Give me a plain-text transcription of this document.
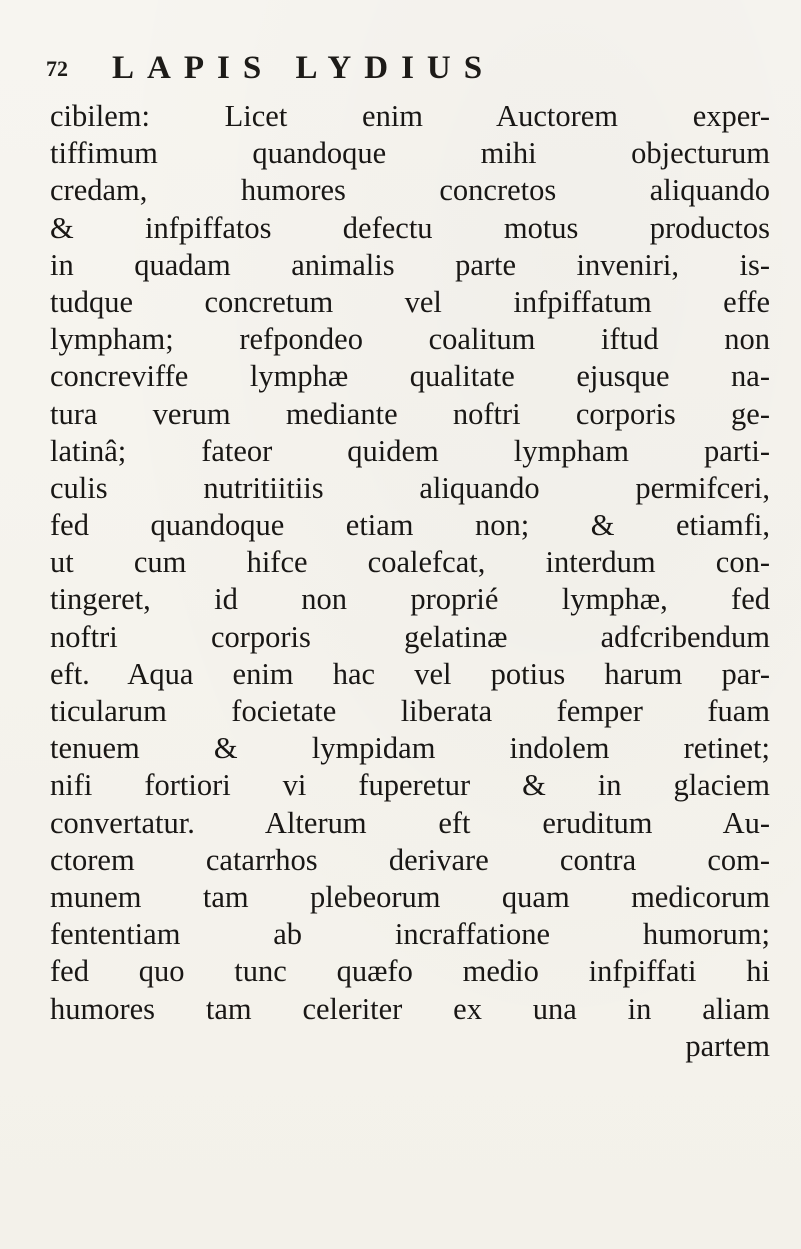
72 LAPIS LYDIUS
cibilem: Licet enim Auctorem exper-
tiffimum quandoque mihi objecturum
credam, humores concretos aliquando
& infpiffatos defectu motus productos
in quadam animalis parte inveniri, is-
tudque concretum vel infpiffatum effe
lympham; refpondeo coalitum iftud non
concreviffe lymphæ qualitate ejusque na-
tura verum mediante noftri corporis ge-
latinâ; fateor quidem lympham parti-
culis nutritiitiis aliquando permifceri,
fed quandoque etiam non; & etiamfi,
ut cum hifce coalefcat, interdum con-
tingeret, id non proprié lymphæ, fed
noftri corporis gelatinæ adfcribendum
eft. Aqua enim hac vel potius harum par-
ticularum focietate liberata femper fuam
tenuem & lympidam indolem retinet;
nifi fortiori vi fuperetur & in glaciem
convertatur. Alterum eft eruditum Au-
ctorem catarrhos derivare contra com-
munem tam plebeorum quam medicorum
fententiam ab incraffatione humorum;
fed quo tunc quæfo medio infpiffati hi
humores tam celeriter ex una in aliam
partem
